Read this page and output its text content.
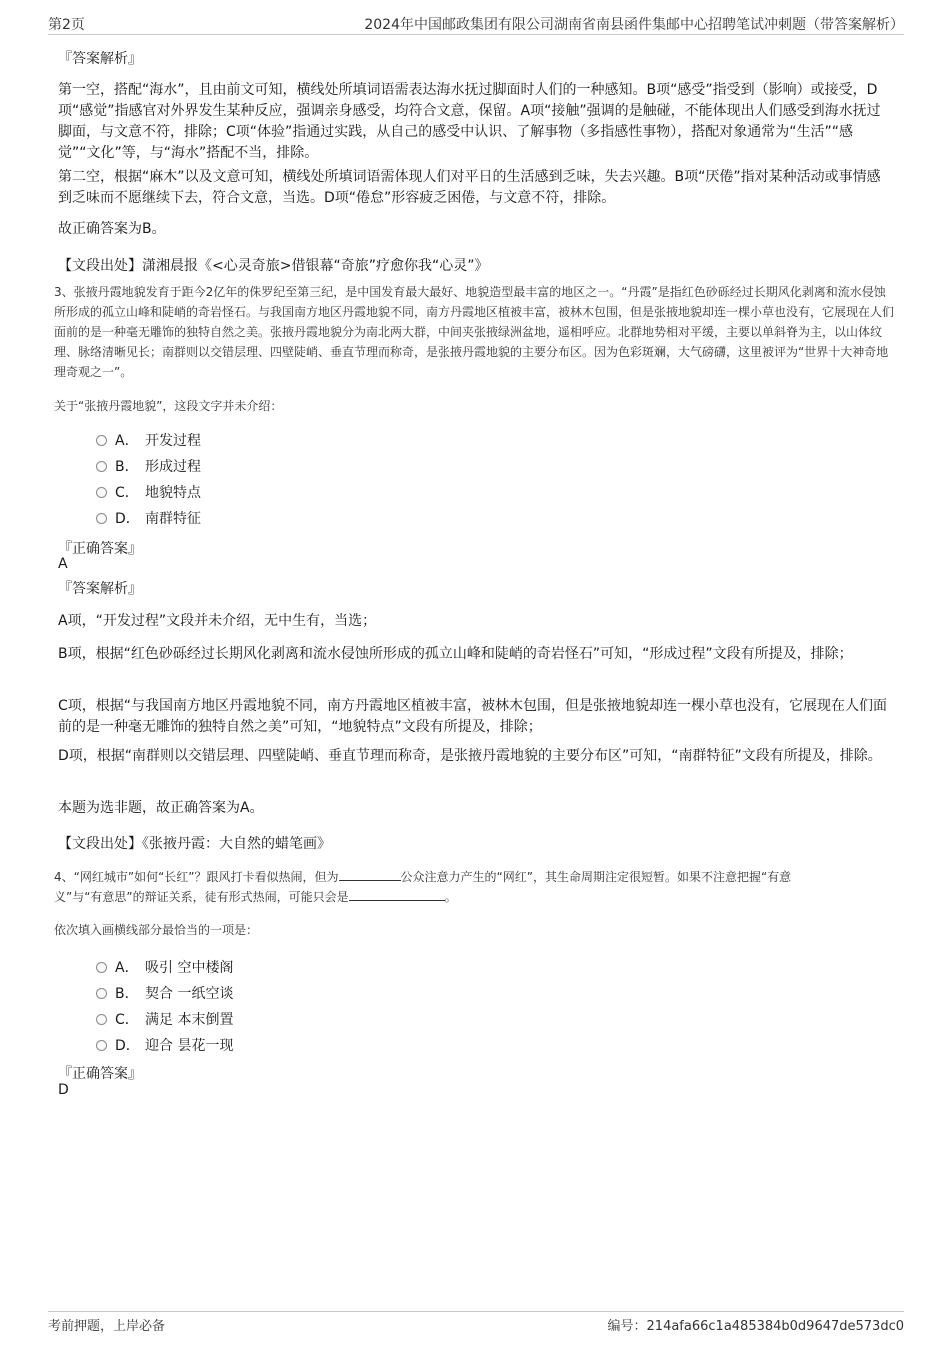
第2页	2024年中国邮政集团有限公司湖南省南县函件集邮中心招聘笔试冲刺题（带答案解析）
『答案解析』
第一空，搭配“海水”，且由前文可知，横线处所填词语需表达海水抚过脚面时人们的一种感知。B项“感受”指受到（影响）或接受，D项“感觉”指感官对外界发生某种反应，强调亲身感受，均符合文意，保留。A项“接触”强调的是触碰，不能体现出人们感受到海水抚过脚面，与文意不符，排除；C项“体验”指通过实践，从自己的感受中认识、了解事物（多指感性事物），搭配对象通常为“生活”“感觉”“文化”等，与“海水”搭配不当，排除。
第二空，根据“麻木”以及文意可知，横线处所填词语需体现人们对平日的生活感到乏味，失去兴趣。B项“厌倦”指对某种活动或事情感到乏味而不愿继续下去，符合文意，当选。D项“倦怠”形容疲乏困倦，与文意不符，排除。
故正确答案为B。
【文段出处】潇湘晨报《<心灵奇旅>借银幕“奇旅”疗愈你我“心灵”》
3、张掖丹霞地貌发育于距今2亿年的侏罗纪至第三纪，是中国发育最大最好、地貌造型最丰富的地区之一。“丹霞”是指红色砂砾经过长期风化剥离和流水侵蚀所形成的孤立山峰和陡峭的奇岩怪石。与我国南方地区丹霞地貌不同，南方丹霞地区植被丰富，被林木包围，但是张掖地貌却连一棵小草也没有，它展现在人们面前的是一种毫无雕饰的独特自然之美。张掖丹霞地貌分为南北两大群，中间夹张掖绿洲盆地，遥相呼应。北群地势相对平缓，主要以单斜脊为主，以山体纹理、脉络清晰见长；南群则以交错层理、四壁陡峭、垂直节理而称奇，是张掖丹霞地貌的主要分布区。因为色彩斑斓，大气磅礴，这里被评为“世界十大神奇地理奇观之一”。
关于“张掖丹霞地貌”，这段文字并未介绍：
A． 开发过程
B． 形成过程
C． 地貌特点
D． 南群特征
『正确答案』
A
『答案解析』
A项，“开发过程”文段并未介绍，无中生有，当选；
B项，根据“红色砂砾经过长期风化剥离和流水侵蚀所形成的孤立山峰和陡峭的奇岩怪石”可知，“形成过程”文段有所提及，排除；
C项，根据“与我国南方地区丹霞地貌不同，南方丹霞地区植被丰富，被林木包围，但是张掖地貌却连一棵小草也没有，它展现在人们面前的是一种毫无雕饰的独特自然之美”可知，“地貌特点”文段有所提及，排除；
D项，根据“南群则以交错层理、四壁陡峭、垂直节理而称奇，是张掖丹霞地貌的主要分布区”可知，“南群特征”文段有所提及，排除。
本题为选非题，故正确答案为A。
【文段出处】《张掖丹霞：大自然的蜡笔画》
4、“网红城市”如何“长红”？跟风打卡看似热闹，但为	公众注意力产生的“网红”，其生命周期注定很短暂。如果不注意把握“有意
义”与“有意思”的辩证关系，徒有形式热闹，可能只会是	。
依次填入画横线部分最恰当的一项是：
A． 吸引 空中楼阁
B． 契合 一纸空谈
C． 满足 本末倒置
D． 迎合 昙花一现
『正确答案』
D
考前押题，上岸必备	编号：214afa66c1a485384b0d9647de573dc0
